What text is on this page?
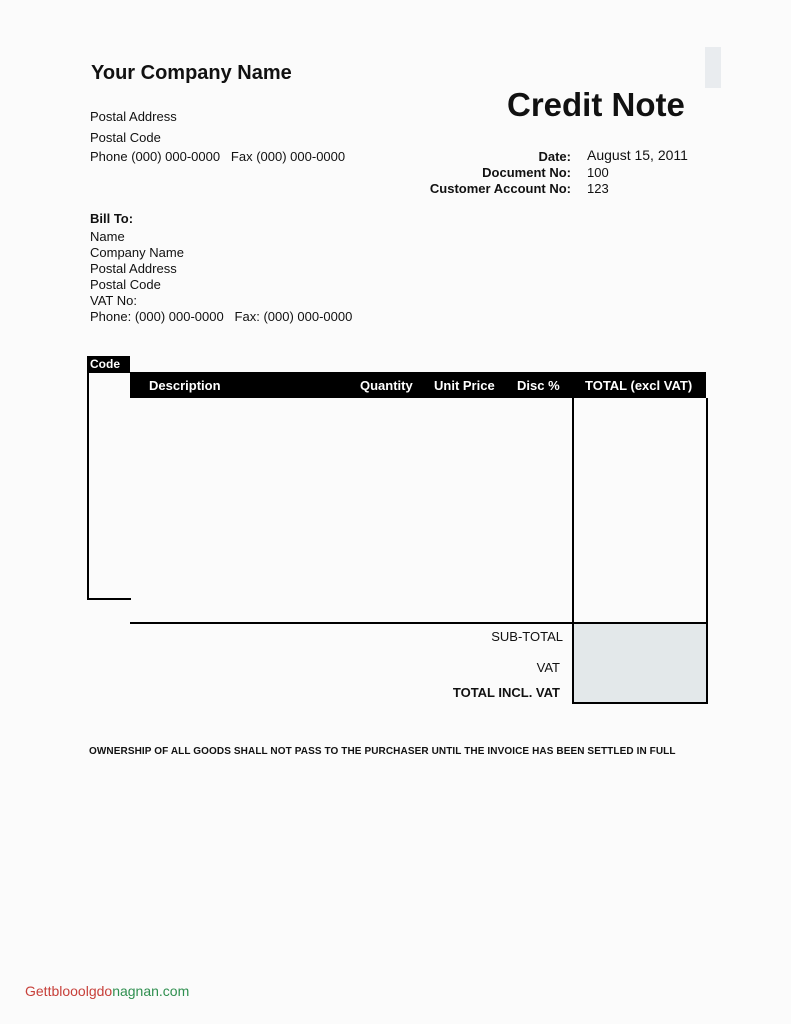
Your Company Name
Postal Address
Postal Code
Phone (000) 000-0000   Fax (000) 000-0000
Credit Note
Date: August 15, 2011
Document No: 100
Customer Account No: 123
Bill To:
Name
Company Name
Postal Address
Postal Code
VAT No:
Phone: (000) 000-0000   Fax: (000) 000-0000
Code
Description	Quantity Unit Price Disc % TOTAL (excl VAT)
SUB-TOTAL
VAT
TOTAL INCL. VAT
OWNERSHIP OF ALL GOODS SHALL NOT PASS TO THE PURCHASER UNTIL THE INVOICE HAS BEEN SETTLED IN FULL
Gettblooolgdonagnan.com
